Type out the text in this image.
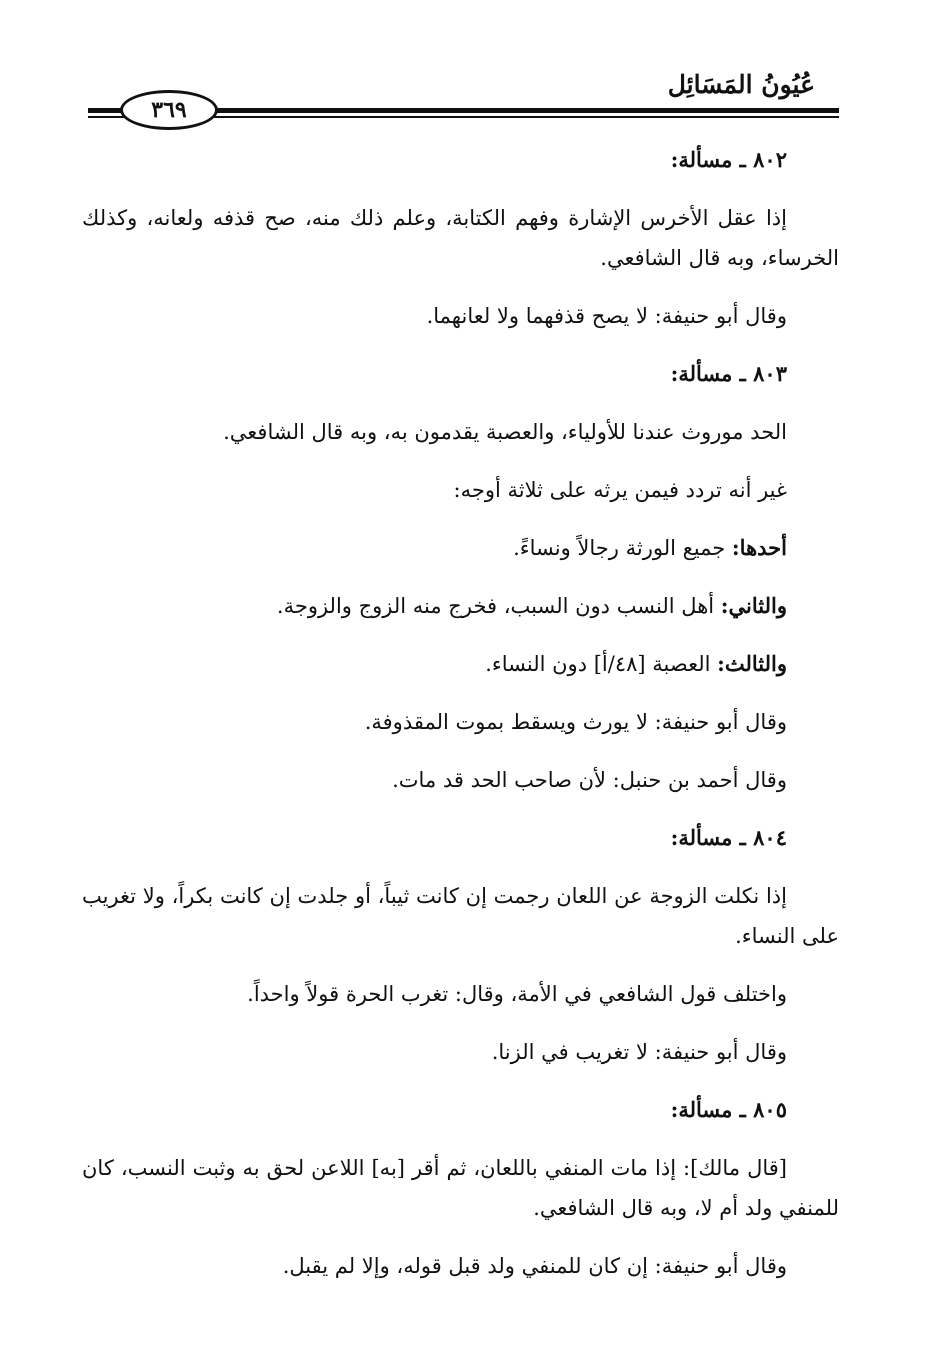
عُيُونُ المَسَائِل
٣٦٩

٨٠٢ ـ مسألة:

إذا عقل الأخرس الإشارة وفهم الكتابة، وعلم ذلك منه، صح قذفه ولعانه، وكذلك الخرساء، وبه قال الشافعي.

وقال أبو حنيفة: لا يصح قذفهما ولا لعانهما.

٨٠٣ ـ مسألة:

الحد موروث عندنا للأولياء، والعصبة يقدمون به، وبه قال الشافعي.

غير أنه تردد فيمن يرثه على ثلاثة أوجه:

أحدها: جميع الورثة رجالاً ونساءً.

والثاني: أهل النسب دون السبب، فخرج منه الزوج والزوجة.

والثالث: العصبة [٤٨/أ] دون النساء.

وقال أبو حنيفة: لا يورث ويسقط بموت المقذوفة.

وقال أحمد بن حنبل: لأن صاحب الحد قد مات.

٨٠٤ ـ مسألة:

إذا نكلت الزوجة عن اللعان رجمت إن كانت ثيباً، أو جلدت إن كانت بكراً، ولا تغريب على النساء.

واختلف قول الشافعي في الأمة، وقال: تغرب الحرة قولاً واحداً.

وقال أبو حنيفة: لا تغريب في الزنا.

٨٠٥ ـ مسألة:

[قال مالك]: إذا مات المنفي باللعان، ثم أقر [به] اللاعن لحق به وثبت النسب، كان للمنفي ولد أم لا، وبه قال الشافعي.

وقال أبو حنيفة: إن كان للمنفي ولد قبل قوله، وإلا لم يقبل.
